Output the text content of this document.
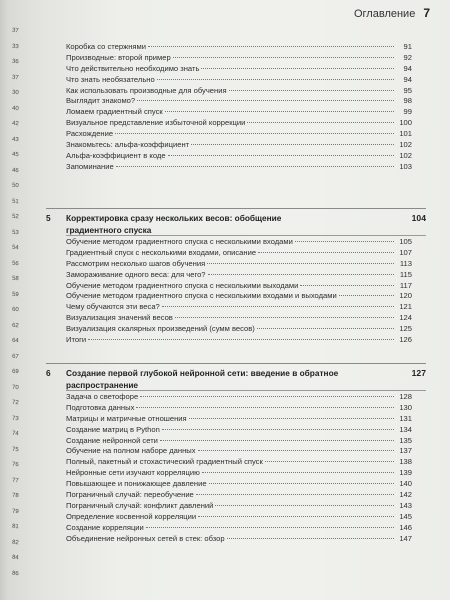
37
33
36
37
30
40
42
43
45
46
50
51
52
53
54
56
58
59
60
62
64
67
69
70
72
73
74
75
76
77
78
79
81
82
84
86
Оглавление 7
Коробка со стержнями	91
Производные: второй пример	92
Что действительно необходимо знать	94
Что знать необязательно	94
Как использовать производные для обучения	95
Выглядит знакомо?	98
Ломаем градиентный спуск	99
Визуальное представление избыточной коррекции	100
Расхождение	101
Знакомьтесь: альфа-коэффициент	102
Альфа-коэффициент в коде	102
Запоминание	103
5	Корректировка сразу нескольких весов: обобщение
градиентного спуска
104
Обучение методом градиентного спуска с несколькими входами	105
Градиентный спуск с несколькими входами, описание	107
Рассмотрим несколько шагов обучения	113
Замораживание одного веса: для чего?	115
Обучение методом градиентного спуска с несколькими выходами	117
Обучение методом градиентного спуска с несколькими входами и выходами	120
Чему обучаются эти веса?	121
Визуализация значений весов	124
Визуализация скалярных произведений (сумм весов)	125
Итоги	126
6	Создание первой глубокой нейронной сети: введение в обратное
распространение
127
Задача о светофоре	128
Подготовка данных	130
Матрицы и матричные отношения	131
Создание матриц в Python	134
Создание нейронной сети	135
Обучение на полном наборе данных	137
Полный, пакетный и стохастический градиентный спуск	138
Нейронные сети изучают корреляцию	139
Повышающее и понижающее давление	140
Пограничный случай: переобучение	142
Пограничный случай: конфликт давлений	143
Определение косвенной корреляции	145
Создание корреляции	146
Объединение нейронных сетей в стек: обзор	147
